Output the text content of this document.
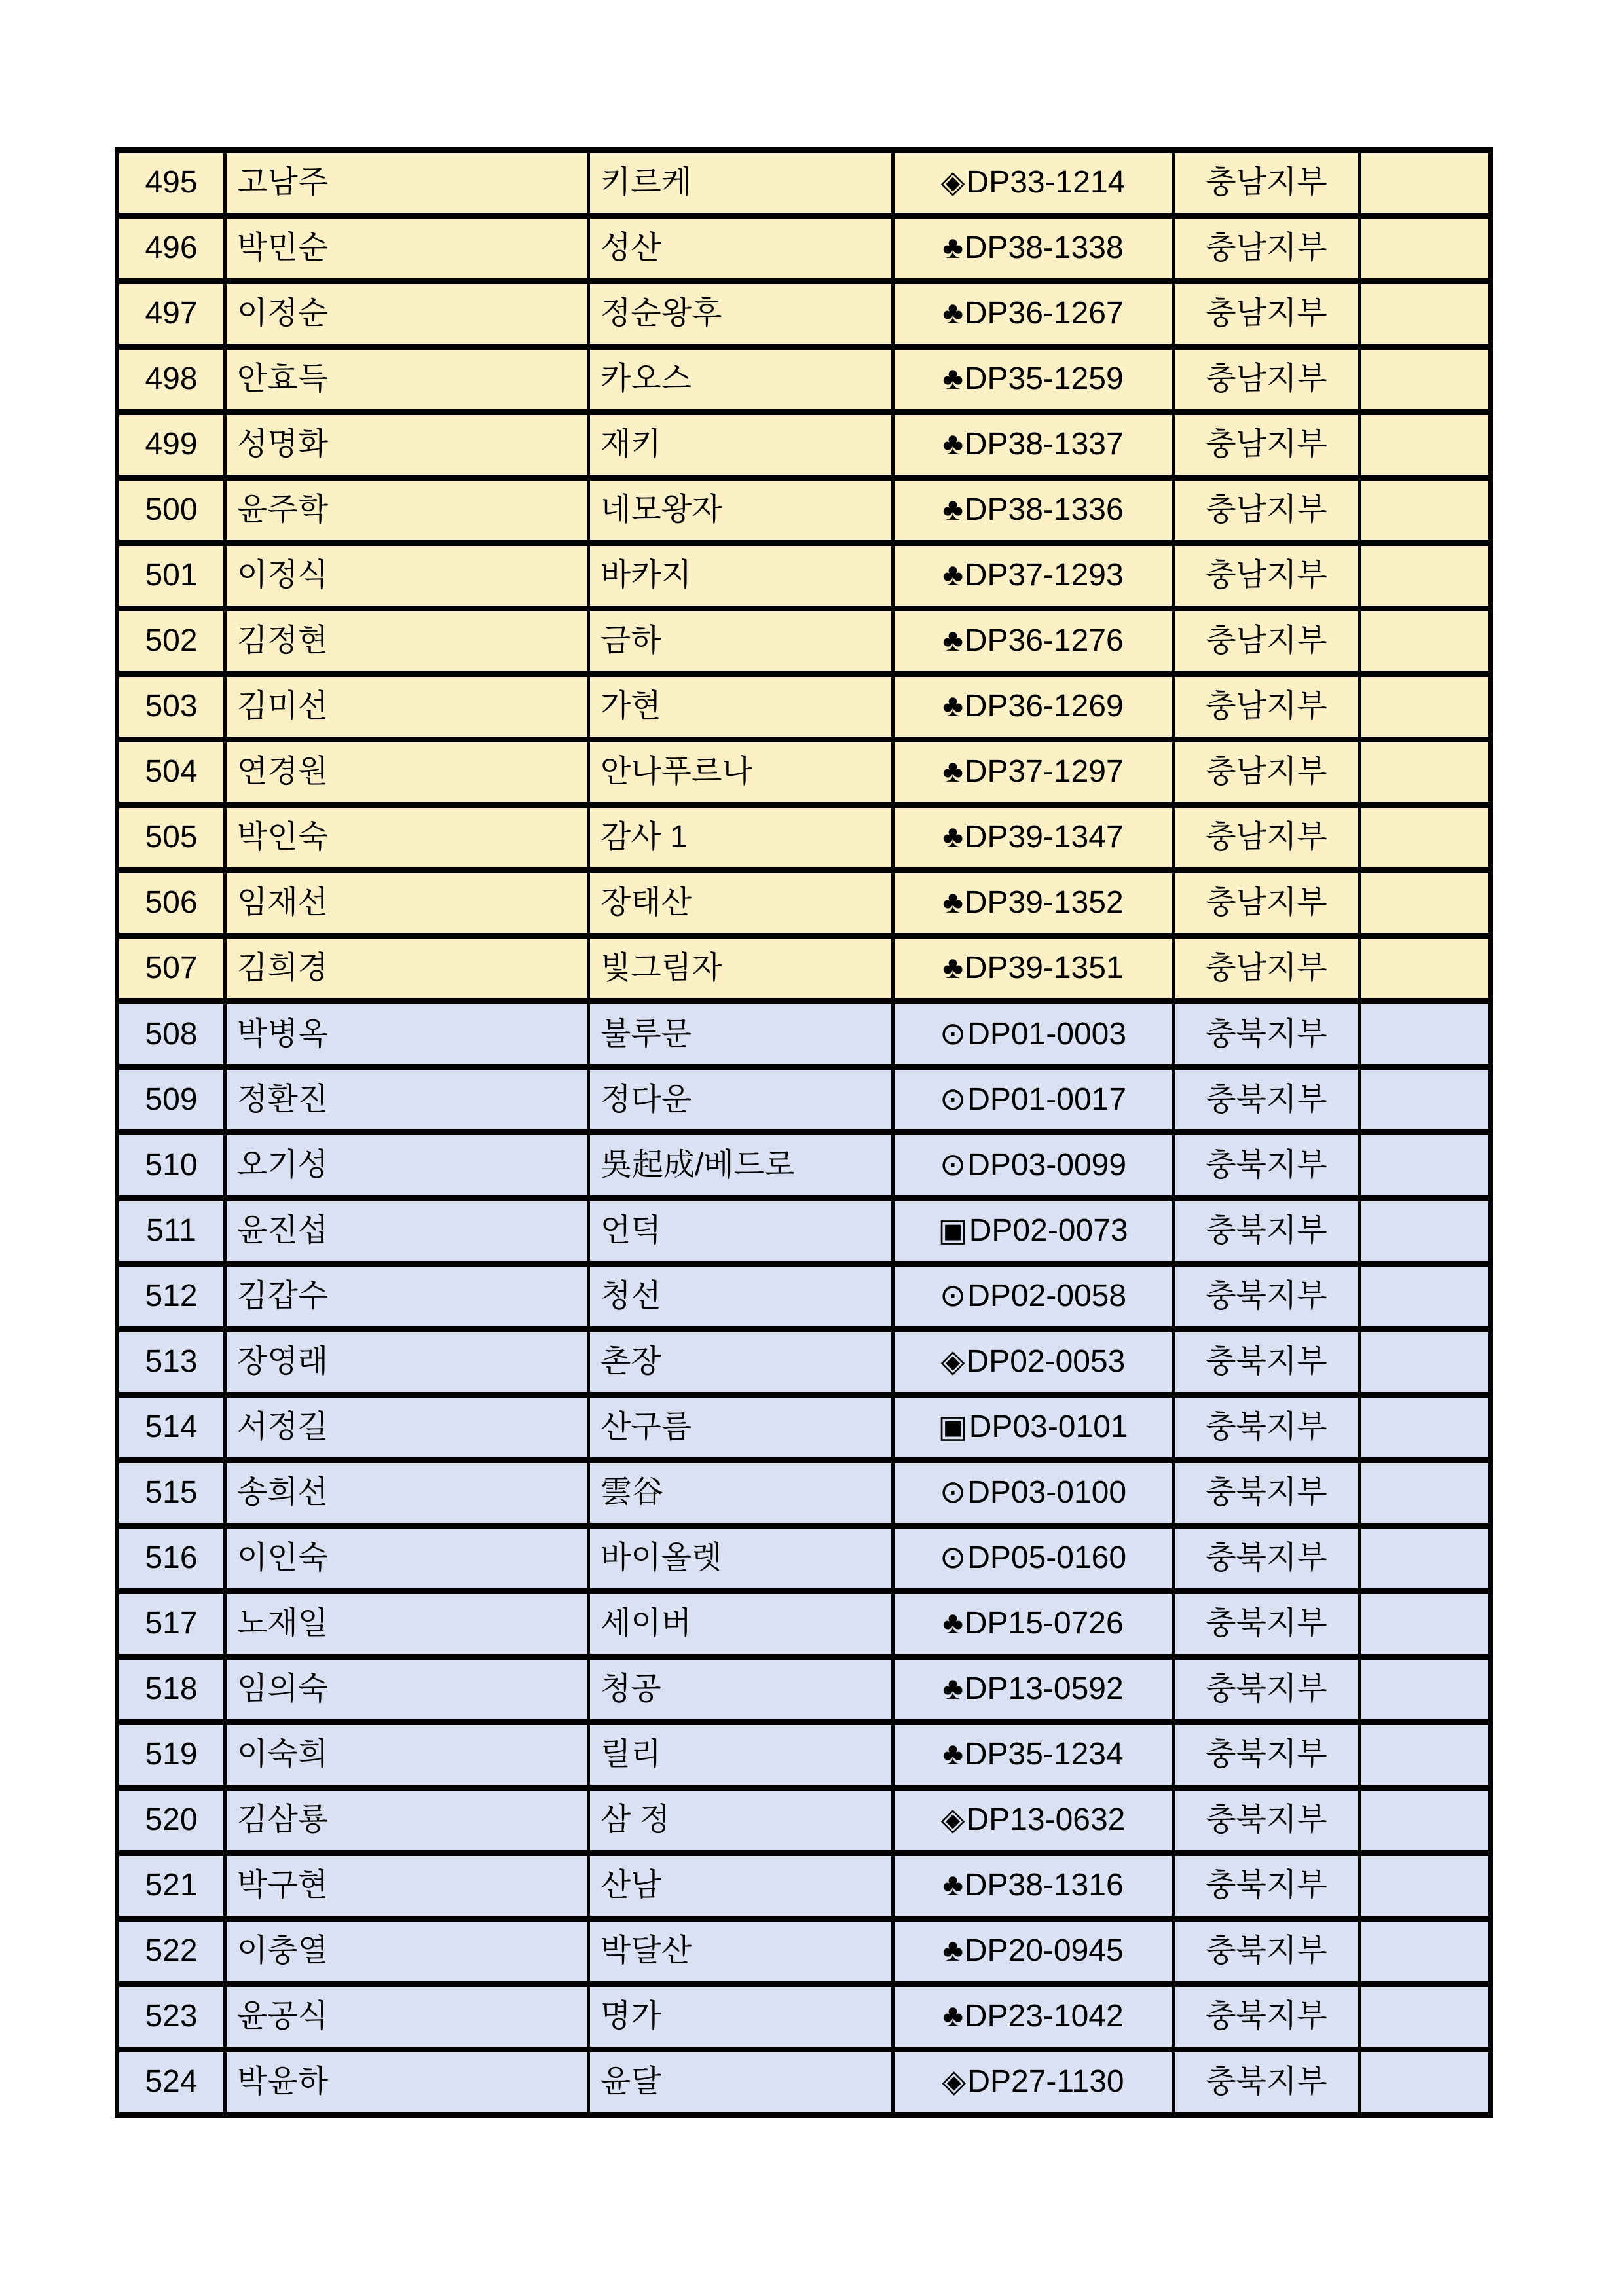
495	고남주	키르케	◈DP33-1214	충남지부	
496	박민순	성산	♣DP38-1338	충남지부	
497	이정순	정순왕후	♣DP36-1267	충남지부	
498	안효득	카오스	♣DP35-1259	충남지부	
499	성명화	재키	♣DP38-1337	충남지부	
500	윤주학	네모왕자	♣DP38-1336	충남지부	
501	이정식	바카지	♣DP37-1293	충남지부	
502	김정현	금하	♣DP36-1276	충남지부	
503	김미선	가현	♣DP36-1269	충남지부	
504	연경원	안나푸르나	♣DP37-1297	충남지부	
505	박인숙	감사 1	♣DP39-1347	충남지부	
506	임재선	장태산	♣DP39-1352	충남지부	
507	김희경	빛그림자	♣DP39-1351	충남지부	
508	박병옥	불루문	⊙DP01-0003	충북지부	
509	정환진	정다운	⊙DP01-0017	충북지부	
510	오기성	吳起成/베드로	⊙DP03-0099	충북지부	
511	윤진섭	언덕	▣DP02-0073	충북지부	
512	김갑수	청선	⊙DP02-0058	충북지부	
513	장영래	촌장	◈DP02-0053	충북지부	
514	서정길	산구름	▣DP03-0101	충북지부	
515	송희선	雲谷	⊙DP03-0100	충북지부	
516	이인숙	바이올렛	⊙DP05-0160	충북지부	
517	노재일	세이버	♣DP15-0726	충북지부	
518	임의숙	청공	♣DP13-0592	충북지부	
519	이숙희	릴리	♣DP35-1234	충북지부	
520	김삼룡	삼 정	◈DP13-0632	충북지부	
521	박구현	산남	♣DP38-1316	충북지부	
522	이충열	박달산	♣DP20-0945	충북지부	
523	윤공식	명가	♣DP23-1042	충북지부	
524	박윤하	윤달	◈DP27-1130	충북지부	
